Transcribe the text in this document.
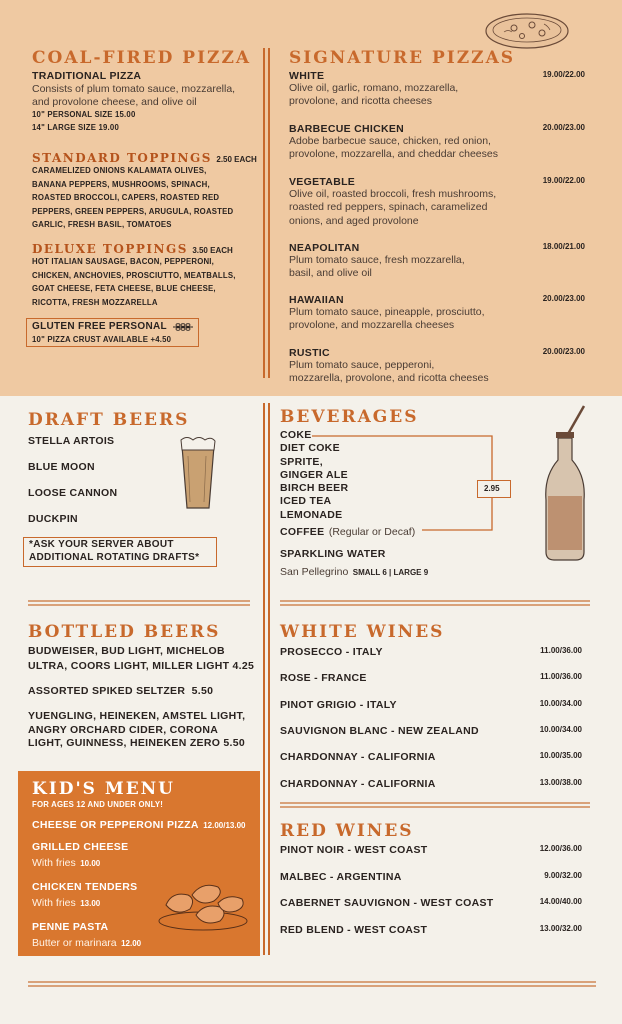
COAL-FIRED PIZZA
TRADITIONAL PIZZA
Consists of plum tomato sauce, mozzarella,
and provolone cheese, and olive oil
10" PERSONAL SIZE 15.00
14" LARGE SIZE 19.00
STANDARD TOPPINGS 2.50 EACH
CARAMELIZED ONIONS KALAMATA OLIVES,
BANANA PEPPERS, MUSHROOMS, SPINACH,
ROASTED BROCCOLI, CAPERS, ROASTED RED
PEPPERS, GREEN PEPPERS, ARUGULA, ROASTED
GARLIC, FRESH BASIL, TOMATOES
DELUXE TOPPINGS 3.50 EACH
HOT ITALIAN SAUSAGE, BACON, PEPPERONI,
CHICKEN, ANCHOVIES, PROSCIUTTO, MEATBALLS,
GOAT CHEESE, FETA CHEESE, BLUE CHEESE,
RICOTTA, FRESH MOZZARELLA
GLUTEN FREE PERSONAL
10" PIZZA CRUST AVAILABLE +4.50
SIGNATURE PIZZAS
WHITE	19.00/22.00
Olive oil, garlic, romano, mozzarella,
provolone, and ricotta cheeses
BARBECUE CHICKEN	20.00/23.00
Adobe barbecue sauce, chicken, red onion,
provolone, mozzarella, and cheddar cheeses
VEGETABLE	19.00/22.00
Olive oil, roasted broccoli, fresh mushrooms,
roasted red peppers, spinach, caramelized
onions, and aged provolone
NEAPOLITAN	18.00/21.00
Plum tomato sauce, fresh mozzarella,
basil, and olive oil
HAWAIIAN	20.00/23.00
Plum tomato sauce, pineapple, prosciutto,
provolone, and mozzarella cheeses
RUSTIC	20.00/23.00
Plum tomato sauce, pepperoni,
mozzarella, provolone, and ricotta cheeses
DRAFT BEERS
STELLA ARTOIS
BLUE MOON
LOOSE CANNON
DUCKPIN
*ASK YOUR SERVER ABOUT
ADDITIONAL ROTATING DRAFTS*
BEVERAGES
COKE
DIET COKE
SPRITE,
GINGER ALE
BIRCH BEER
ICED TEA
LEMONADE
COFFEE (Regular or Decaf)
2.95
SPARKLING WATER
San Pellegrino SMALL 6 | LARGE 9
BOTTLED BEERS
BUDWEISER, BUD LIGHT, MICHELOB
ULTRA, COORS LIGHT, MILLER LIGHT 4.25
ASSORTED SPIKED SELTZER  5.50
YUENGLING, HEINEKEN, AMSTEL LIGHT,
ANGRY ORCHARD CIDER, CORONA
LIGHT, GUINNESS, HEINEKEN ZERO 5.50
KID'S MENU
FOR AGES 12 AND UNDER ONLY!
CHEESE OR PEPPERONI PIZZA 12.00/13.00
GRILLED CHEESE
With fries 10.00
CHICKEN TENDERS
With fries 13.00
PENNE PASTA
Butter or marinara 12.00
WHITE WINES
PROSECCO - ITALY	11.00/36.00
ROSE - FRANCE	11.00/36.00
PINOT GRIGIO - ITALY	10.00/34.00
SAUVIGNON BLANC - NEW ZEALAND	10.00/34.00
CHARDONNAY - CALIFORNIA	10.00/35.00
CHARDONNAY - CALIFORNIA	13.00/38.00
RED WINES
PINOT NOIR - WEST COAST	12.00/36.00
MALBEC - ARGENTINA	9.00/32.00
CABERNET SAUVIGNON - WEST COAST	14.00/40.00
RED BLEND - WEST COAST	13.00/32.00
